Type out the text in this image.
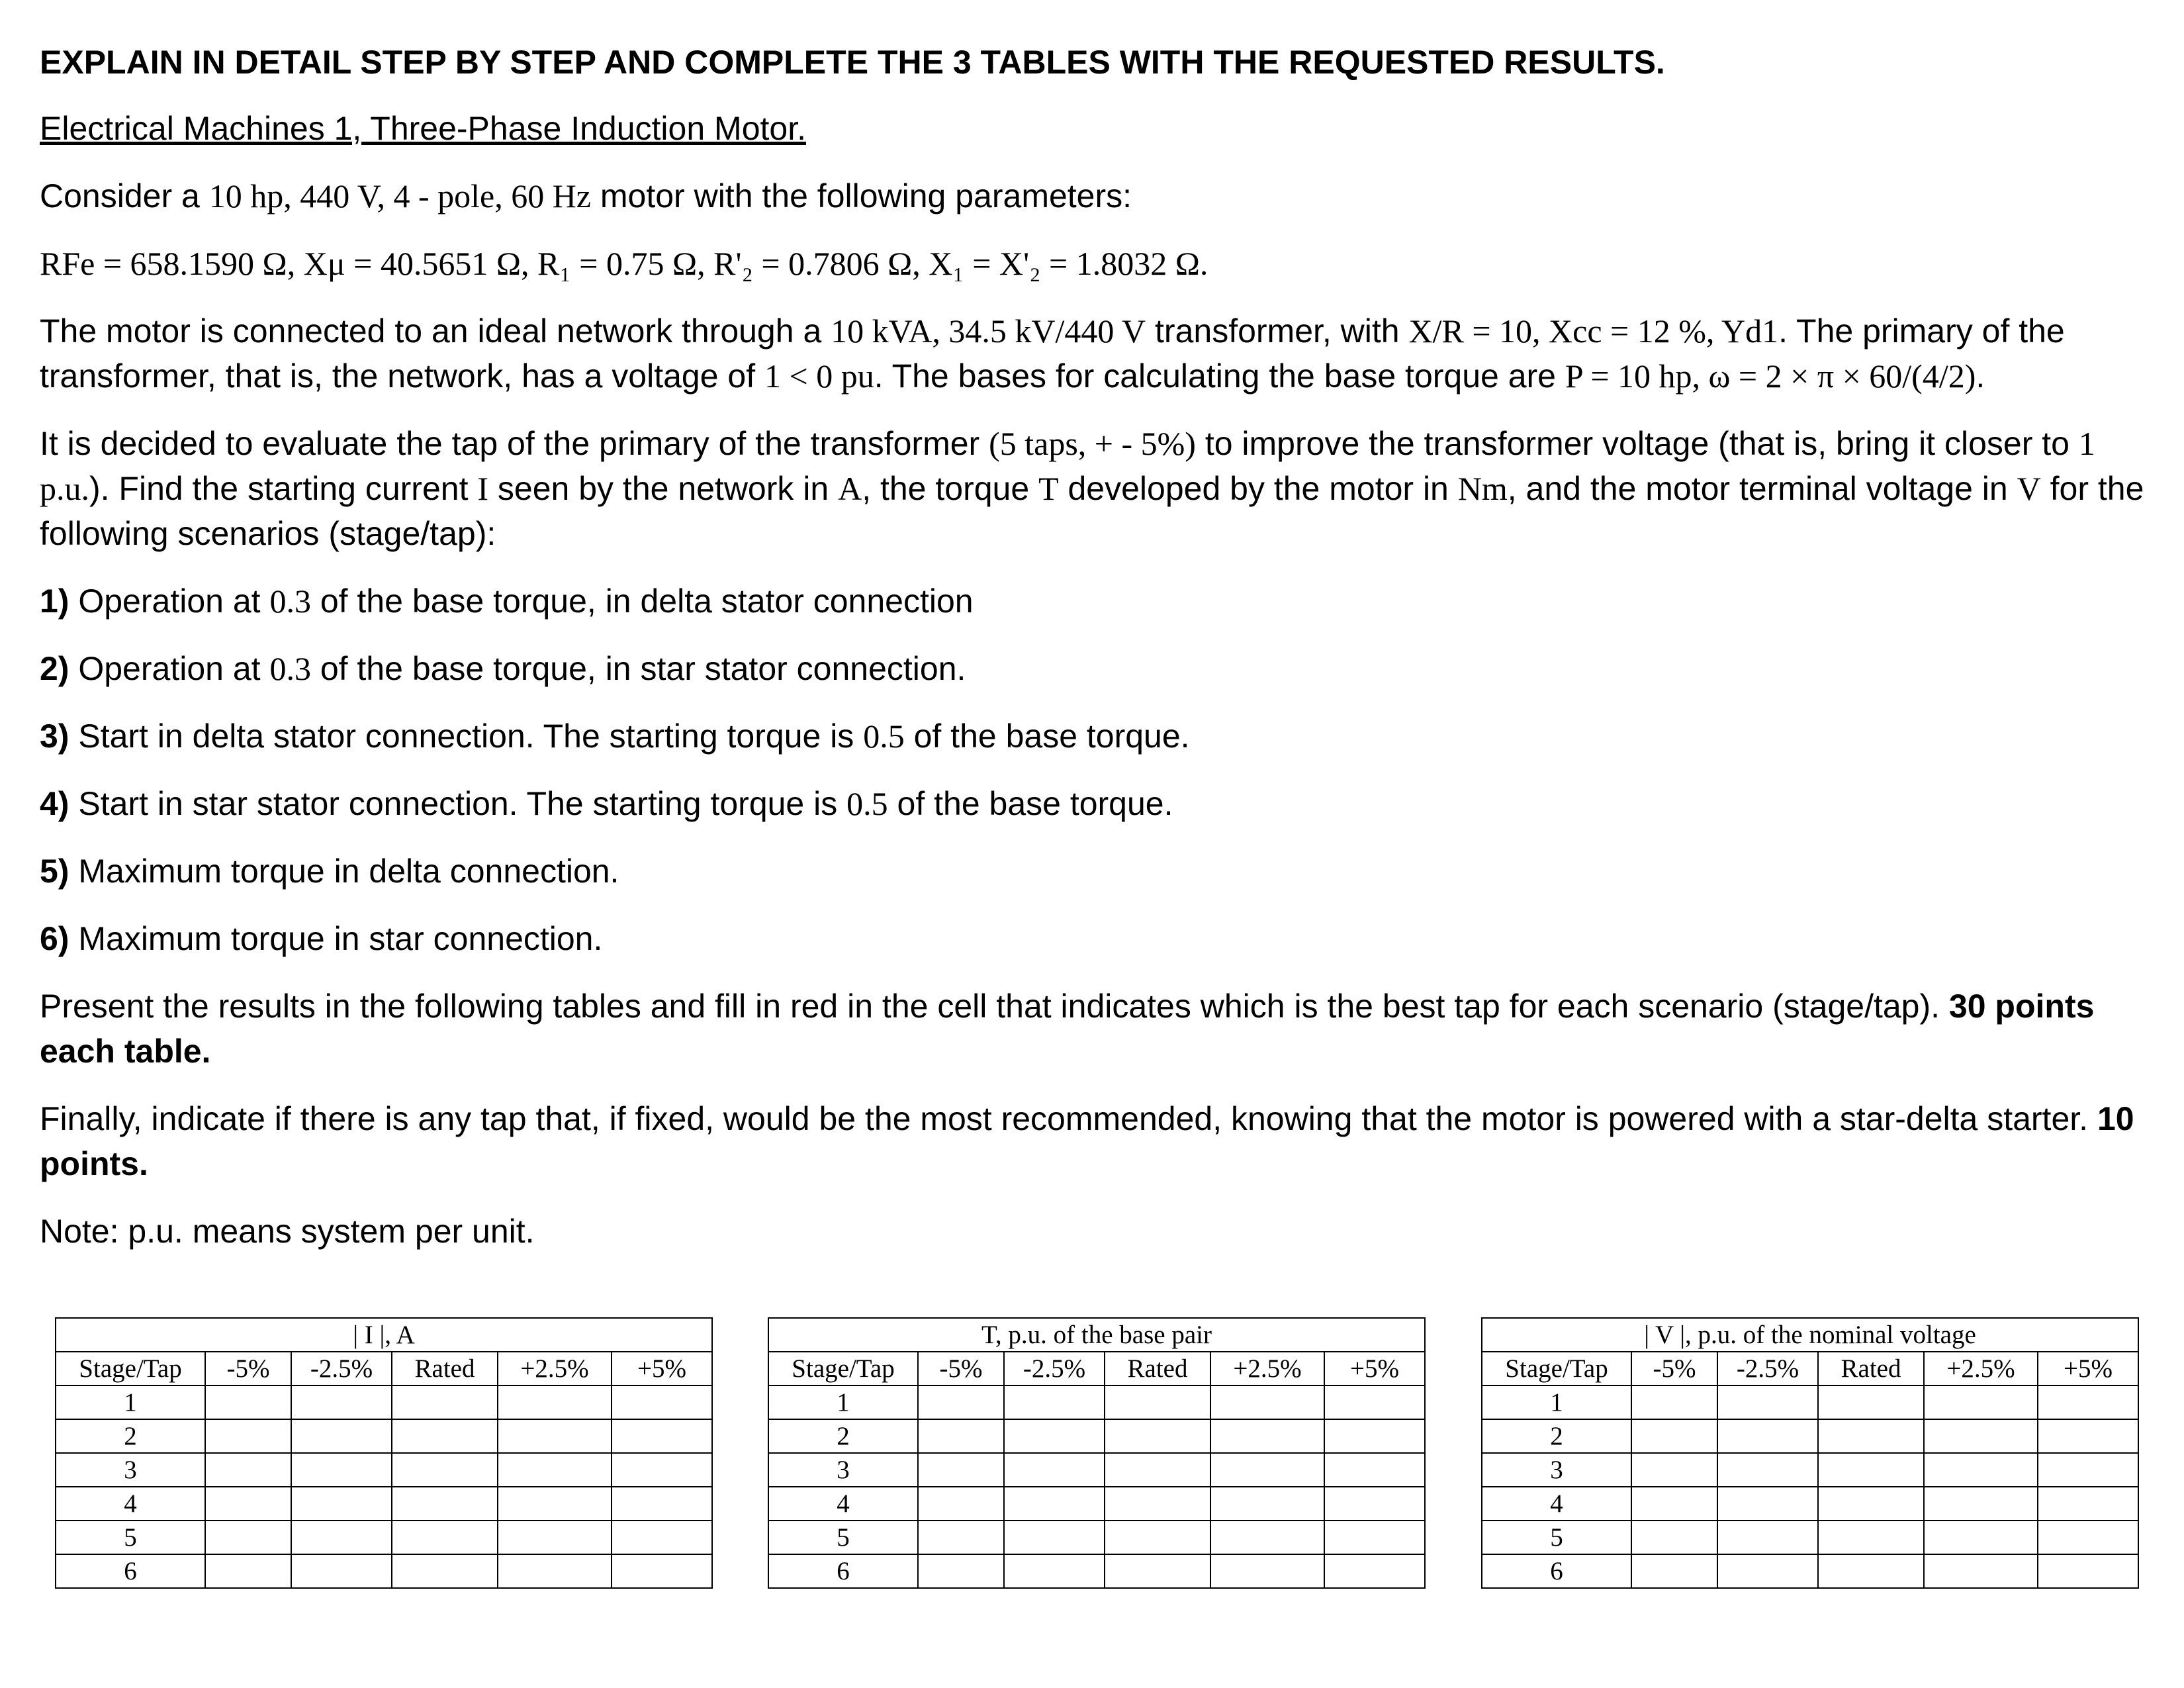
EXPLAIN IN DETAIL STEP BY STEP AND COMPLETE THE 3 TABLES WITH THE REQUESTED RESULTS.

Electrical Machines 1, Three-Phase Induction Motor.

Consider a 10 hp, 440 V, 4 - pole, 60 Hz motor with the following parameters:

RFe = 658.1590 Ω, Xμ = 40.5651 Ω, R₁ = 0.75 Ω, R'₂ = 0.7806 Ω, X₁ = X'₂ = 1.8032 Ω.

The motor is connected to an ideal network through a 10 kVA, 34.5 kV/440 V transformer, with X/R = 10, Xcc = 12 %, Yd1. The primary of the transformer, that is, the network, has a voltage of 1 < 0 pu. The bases for calculating the base torque are P = 10 hp, ω = 2 × π × 60/(4/2).

It is decided to evaluate the tap of the primary of the transformer (5 taps, + - 5%) to improve the transformer voltage (that is, bring it closer to 1 p.u.). Find the starting current I seen by the network in A, the torque T developed by the motor in Nm, and the motor terminal voltage in V for the following scenarios (stage/tap):

1) Operation at 0.3 of the base torque, in delta stator connection

2) Operation at 0.3 of the base torque, in star stator connection.

3) Start in delta stator connection. The starting torque is 0.5 of the base torque.

4) Start in star stator connection. The starting torque is 0.5 of the base torque.

5) Maximum torque in delta connection.

6) Maximum torque in star connection.

Present the results in the following tables and fill in red in the cell that indicates which is the best tap for each scenario (stage/tap). 30 points each table.

Finally, indicate if there is any tap that, if fixed, would be the most recommended, knowing that the motor is powered with a star-delta starter. 10 points.

Note: p.u. means system per unit.

| I |, A					
Stage/Tap	-5%	-2.5%	Rated	+2.5%	+5%
1					
2					
3					
4					
5					
6					
T, p.u. of the base pair					
Stage/Tap	-5%	-2.5%	Rated	+2.5%	+5%
1					
2					
3					
4					
5					
6					
| V |, p.u. of the nominal voltage					
Stage/Tap	-5%	-2.5%	Rated	+2.5%	+5%
1					
2					
3					
4					
5					
6					
